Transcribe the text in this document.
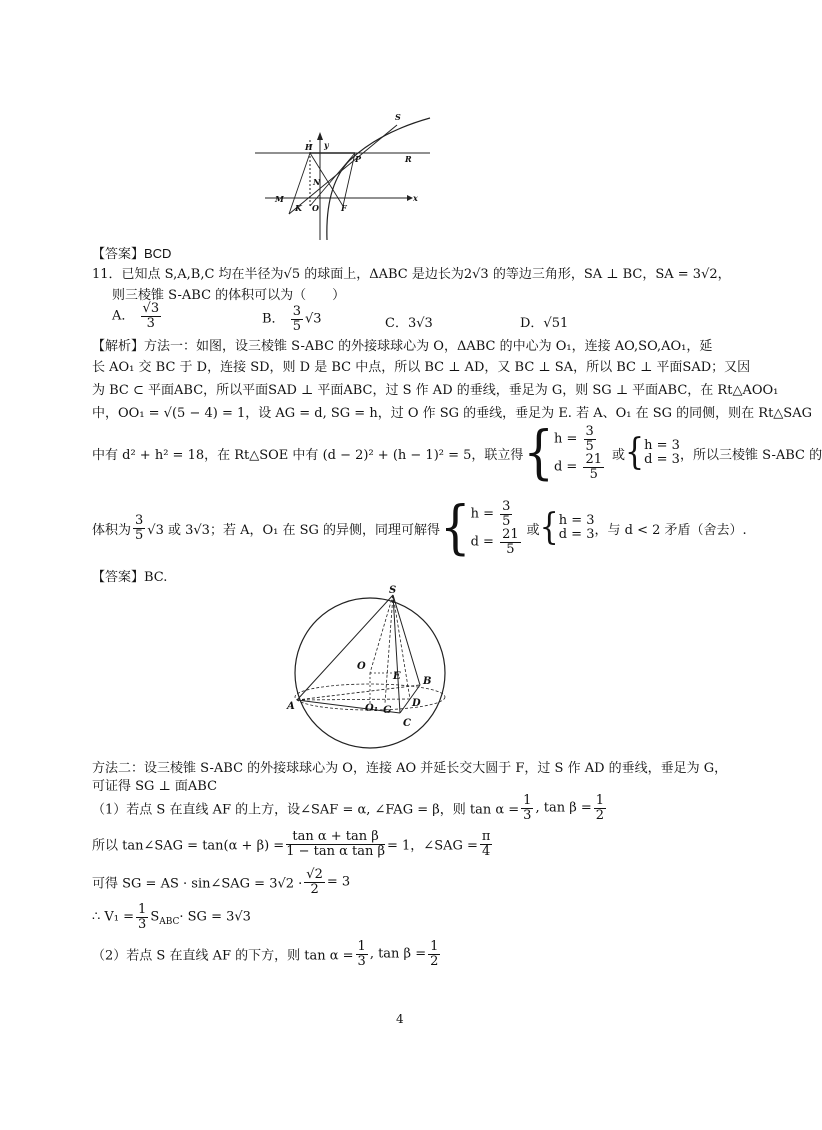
S
H y
P	R
N
M	x
K O	F
【答案】BCD
11．已知点 S,A,B,C 均在半径为√5 的球面上，ΔABC 是边长为2√3 的等边三角形，SA ⊥ BC，SA = 3√2，
则三棱锥 S-ABC 的体积可以为（　　）
A． $\frac{√3}{3}$	B． $\frac{3}{5} √3$	C．3√3	D．√51
【解析】方法一：如图，设三棱锥 S-ABC 的外接球球心为 O，ΔABC 的中心为 O₁，连接 AO,SO,AO₁，延
长 AO₁ 交 BC 于 D，连接 SD，则 D 是 BC 中点，所以 BC ⊥ AD，又 BC ⊥ SA，所以 BC ⊥ 平面SAD；又因
为 BC ⊂ 平面ABC，所以平面SAD ⊥ 平面ABC，过 S 作 AD 的垂线，垂足为 G，则 SG ⊥ 平面ABC，在 Rt△AOO₁
中，OO₁ = √(5 − 4) = 1，设 AG = d, SG = h，过 O 作 SG 的垂线，垂足为 E. 若 A、O₁ 在 SG 的同侧，则在 Rt△SAG
中有 d² + h² = 18，在 Rt△SOE 中有 (d − 2)² + (h − 1)² = 5，联立得{ $h = \frac{3}{5}$
$d = \frac{21}{5}$ 或{ h = 3
d = 3 ，所以三棱锥 S-ABC 的
体积为 $\frac{3}{5} √3$ 或 3√3；若 A，O₁ 在 SG 的异侧，同理可解得{ $h = \frac{3}{5}$
$d = \frac{21}{5}$ 或{ h = 3
d = 3 ，与 d < 2 矛盾（舍去）.
【答案】BC.
S
O
E B
A	O₁ G
D
C
方法二：设三棱锥 S-ABC 的外接球球心为 O，连接 AO 并延长交大圆于 F，过 S 作 AD 的垂线，垂足为 G，
可证得 SG ⊥ 面ABC
（1）若点 S 在直线 AF 的上方，设∠SAF = α, ∠FAG = β，则 $\tan \alpha = \frac{1}{3}$ , $\tan \beta = \frac{1}{2}$
所以 tan∠SAG = $\tan(\alpha + \beta) = \frac{\text{tan α + tan β}}{\text{1 − tan α tan β}} = 1$，∠SAG = $\frac{\pi}{4}$
可得 SG = AS · sin∠SAG = $3√2 \cdot \frac{√2}{2} = 3$
∴ $V_1 = \frac{1}{3} S_{ABC}\cdot$ SG = 3√3
（2）若点 S 在直线 AF 的下方，则 $\tan \alpha = \frac{1}{3}$ , $\tan \beta = \frac{1}{2}$
4
